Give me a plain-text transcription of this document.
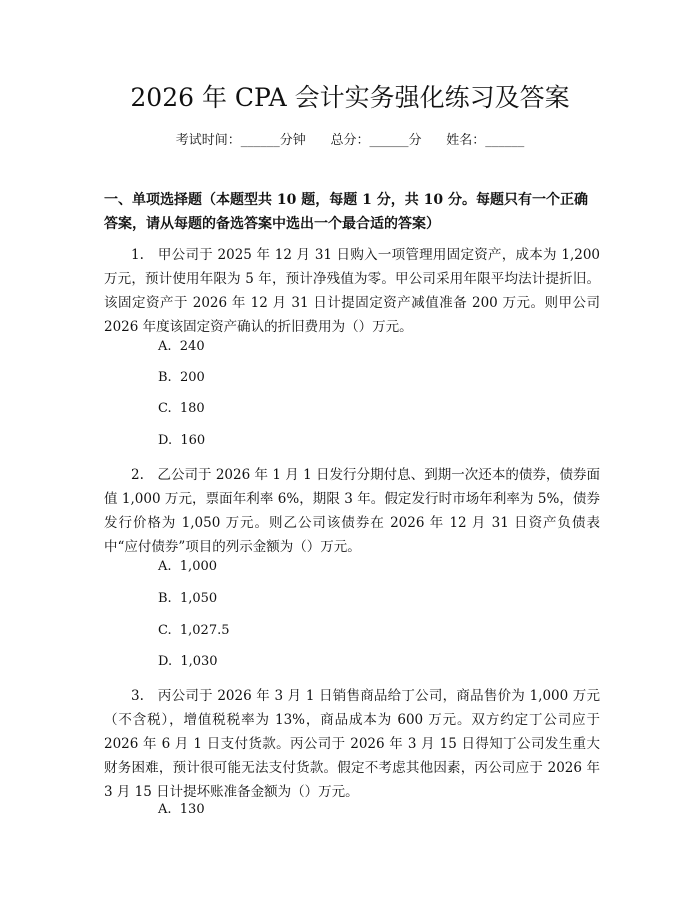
2026 年 CPA 会计实务强化练习及答案
考试时间：______分钟      总分：______分      姓名：______
一、单项选择题（本题型共 10 题，每题 1 分，共 10 分。每题只有一个正确答案，请从每题的备选答案中选出一个最合适的答案）
1.　甲公司于 2025 年 12 月 31 日购入一项管理用固定资产，成本为 1,200 万元，预计使用年限为 5 年，预计净残值为零。甲公司采用年限平均法计提折旧。该固定资产于 2026 年 12 月 31 日计提固定资产减值准备 200 万元。则甲公司 2026 年度该固定资产确认的折旧费用为（）万元。
A.  240
B.  200
C.  180
D.  160
2.　乙公司于 2026 年 1 月 1 日发行分期付息、到期一次还本的债券，债券面值 1,000 万元，票面年利率 6%，期限 3 年。假定发行时市场年利率为 5%，债券发行价格为 1,050 万元。则乙公司该债券在 2026 年 12 月 31 日资产负债表中“应付债券”项目的列示金额为（）万元。
A.  1,000
B.  1,050
C.  1,027.5
D.  1,030
3.　丙公司于 2026 年 3 月 1 日销售商品给丁公司，商品售价为 1,000 万元（不含税），增值税税率为 13%，商品成本为 600 万元。双方约定丁公司应于 2026 年 6 月 1 日支付货款。丙公司于 2026 年 3 月 15 日得知丁公司发生重大财务困难，预计很可能无法支付货款。假定不考虑其他因素，丙公司应于 2026 年 3 月 15 日计提坏账准备金额为（）万元。
A.  130
